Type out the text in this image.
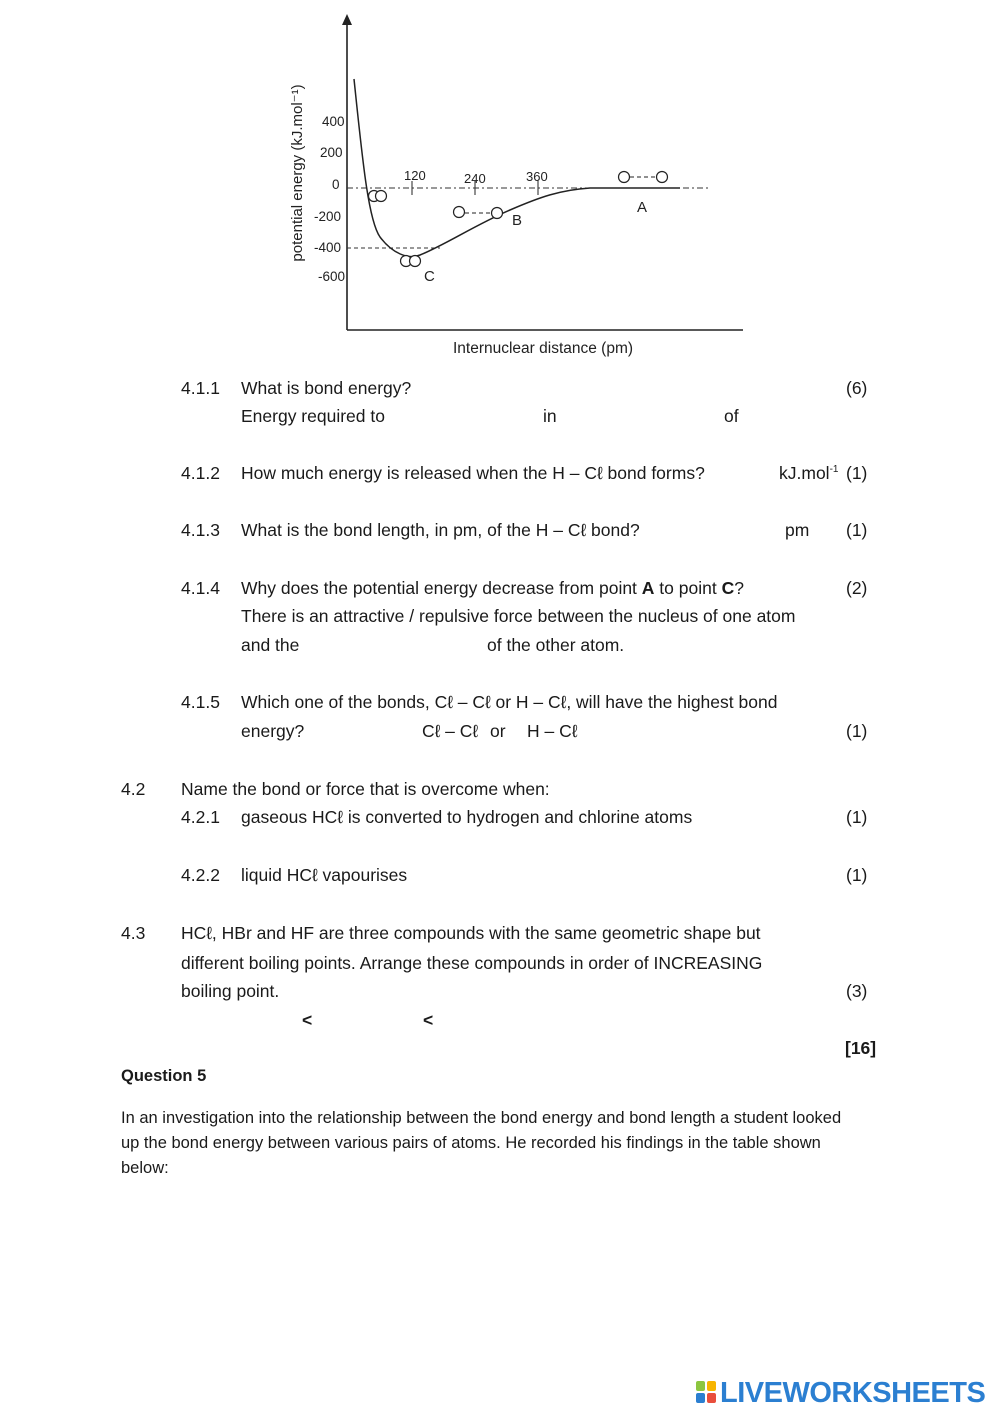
potential energy (kJ.mol⁻¹)
Internuclear distance (pm)
400
200
0
-200
-400
-600
120	240	360
A
B
C
4.1.1 What is bond energy?	(6)
Energy required to	in	of
4.1.2 How much energy is released when the H – Cℓ bond forms?	kJ.mol$^{-1}$ (1)
4.1.3 What is the bond length, in pm, of the H – Cℓ bond?	pm (1)
4.1.4 Why does the potential energy decrease from point A to point C?	(2)
There is an attractive / repulsive force between the nucleus of one atom
and the	of the other atom.
4.1.5 Which one of the bonds, Cℓ – Cℓ or H – Cℓ, will have the highest bond
energy?	Cℓ – Cℓ or H – Cℓ	(1)
4.2 Name the bond or force that is overcome when:
4.2.1 gaseous HCℓ is converted to hydrogen and chlorine atoms	(1)
4.2.2 liquid HCℓ vapourises	(1)
4.3 HCℓ, HBr and HF are three compounds with the same geometric shape but
different boiling points. Arrange these compounds in order of INCREASING
boiling point.	(3)
<	<
[16]
Question 5
In an investigation into the relationship between the bond energy and bond length a student looked
up the bond energy between various pairs of atoms. He recorded his findings in the table shown
below:
LIVEWORKSHEETS
